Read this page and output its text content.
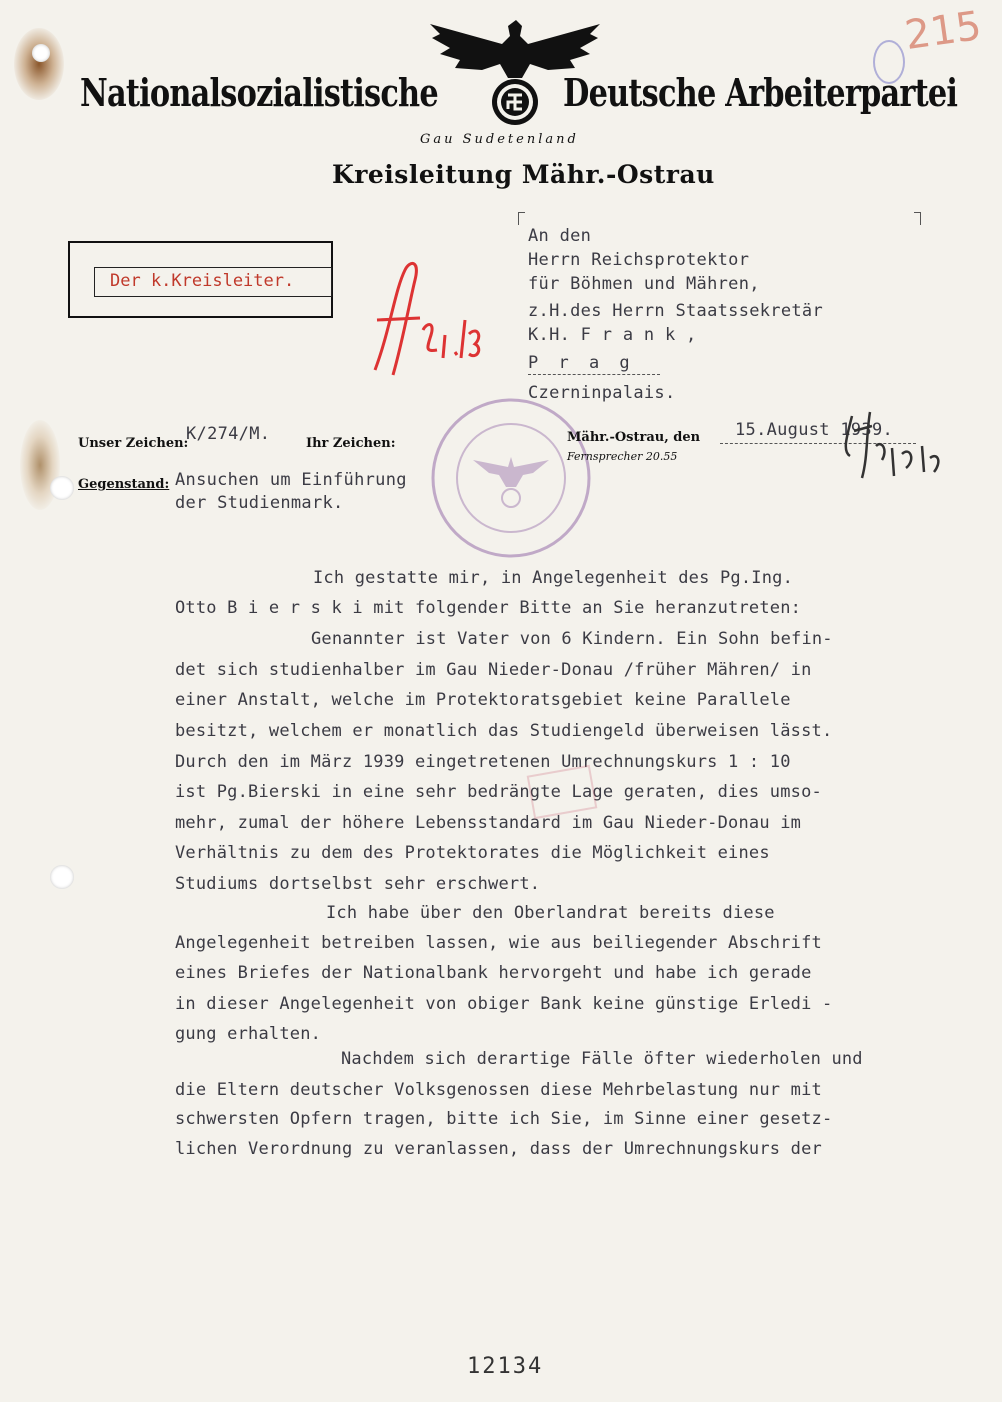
215
Nationalsozialistische	Deutsche Arbeiterpartei
Gau Sudetenland
Kreisleitung Mähr.-Ostrau
Der k.Kreisleiter.
An den
Herrn Reichsprotektor
für Böhmen und Mähren,
z.H.des Herrn Staatssekretär
K.H. F r a n k ,
P r a g
Czerninpalais.
Unser Zeichen:
K/274/M.	Ihr Zeichen:	Mähr.-Ostrau, den 15.August 1939.
Fernsprecher 20.55
Gegenstand: Ansuchen um Einführung
der Studienmark.
Ich gestatte mir, in Angelegenheit des Pg.Ing.
Otto B i e r s k i mit folgender Bitte an Sie heranzutreten:
Genannter ist Vater von 6 Kindern. Ein Sohn befin-
det sich studienhalber im Gau Nieder-Donau /früher Mähren/ in
einer Anstalt, welche im Protektoratsgebiet keine Parallele
besitzt, welchem er monatlich das Studiengeld überweisen lässt.
Durch den im März 1939 eingetretenen Umrechnungskurs 1 : 10
ist Pg.Bierski in eine sehr bedrängte Lage geraten, dies umso-
mehr, zumal der höhere Lebensstandard im Gau Nieder-Donau im
Verhältnis zu dem des Protektorates die Möglichkeit eines
Studiums dortselbst sehr erschwert.
Ich habe über den Oberlandrat bereits diese
Angelegenheit betreiben lassen, wie aus beiliegender Abschrift
eines Briefes der Nationalbank hervorgeht und habe ich gerade
in dieser Angelegenheit von obiger Bank keine günstige Erledi -
gung erhalten.
Nachdem sich derartige Fälle öfter wiederholen und
die Eltern deutscher Volksgenossen diese Mehrbelastung nur mit
schwersten Opfern tragen, bitte ich Sie, im Sinne einer gesetz-
lichen Verordnung zu veranlassen, dass der Umrechnungskurs der
12134
